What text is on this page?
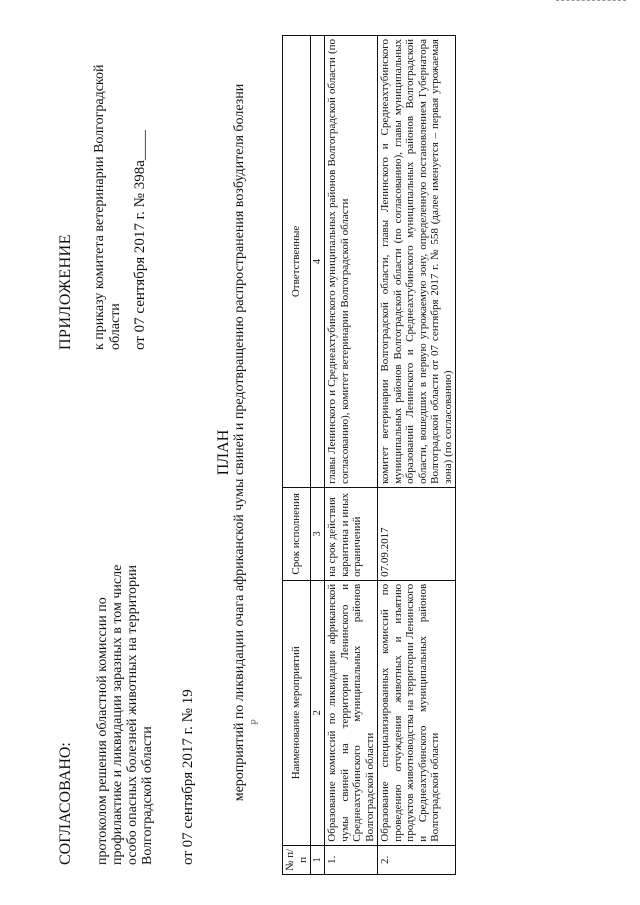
СОГЛАСОВАНО: протоколом решения областной комиссии по профилактике и ликвидации заразных в том числе особо опасных болезней животных на территории Волгоградской области от 07 сентября 2017 г. № 19
ПРИЛОЖЕНИЕ к приказу комитета ветеринарии Волгоградской области от 07 сентября 2017 г. № 398а____
ПЛАН мероприятий по ликвидации очага африканской чумы свиней и предотвращению распространения возбудителя болезни ₽
№ п/п	Наименование мероприятий	Срок исполнения	Ответственные
1	2	3	4
1.	Образование комиссий по ликвидации африканской чумы свиней на территории Ленинского и Среднеахтубинского муниципальных районов Волгоградской области	на срок действия карантина и иных ограничений	главы Ленинского и Среднеахтубинского муниципальных районов Волгоградской области (по согласованию), комитет ветеринарии Волгоградской области
2.	Образование специализированных комиссий по проведению отчуждения животных и изъятию продуктов животноводства на территории Ленинского и Среднеахтубинского муниципальных районов Волгоградской области	07.09.2017	комитет ветеринарии Волгоградской области, главы Ленинского и Среднеахтубинского муниципальных районов Волгоградской области (по согласованию), главы муниципальных образований Ленинского и Среднеахтубинского муниципальных районов Волгоградской области, вошедших в первую угрожаемую зону, определенную постановлением Губернатора Волгоградской области от 07 сентября 2017 г. № 558 (далее именуется – первая угрожаемая зона) (по согласованию)
